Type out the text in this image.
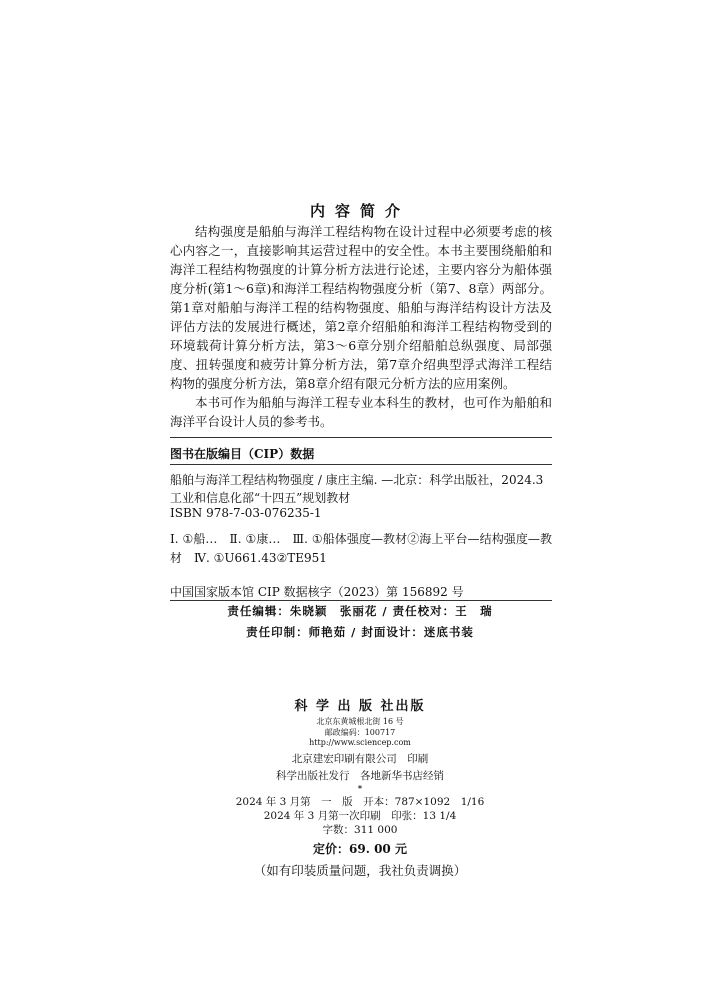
内容简介

结构强度是船舶与海洋工程结构物在设计过程中必须要考虑的核心内容之一，直接影响其运营过程中的安全性。本书主要围绕船舶和海洋工程结构物强度的计算分析方法进行论述，主要内容分为船体强度分析(第1～6章)和海洋工程结构物强度分析（第7、8章）两部分。第1章对船舶与海洋工程的结构物强度、船舶与海洋结构设计方法及评估方法的发展进行概述，第2章介绍船舶和海洋工程结构物受到的环境载荷计算分析方法，第3～6章分别介绍船舶总纵强度、局部强度、扭转强度和疲劳计算分析方法，第7章介绍典型浮式海洋工程结构物的强度分析方法，第8章介绍有限元分析方法的应用案例。

本书可作为船舶与海洋工程专业本科生的教材，也可作为船舶和海洋平台设计人员的参考书。

图书在版编目（CIP）数据
船舶与海洋工程结构物强度 / 康庄主编. —北京：科学出版社，2024.3
工业和信息化部“十四五”规划教材
ISBN 978-7-03-076235-1
Ⅰ. ①船…　Ⅱ. ①康…　Ⅲ. ①船体强度—教材②海上平台—结构强度—教材　Ⅳ. ①U661.43②TE951
中国国家版本馆 CIP 数据核字（2023）第 156892 号
责任编辑：朱晓颖　张丽花 / 责任校对：王　瑞
责任印制：师艳茹 / 封面设计：迷底书装
科 学 出 版 社出版
北京东黄城根北街 16 号
邮政编码：100717
http://www.sciencep.com
北京建宏印刷有限公司　印刷
科学出版社发行　各地新华书店经销
*
2024 年 3 月第　一　版　开本：787×1092　1/16
2024 年 3 月第一次印刷　印张：13 1/4
字数：311 000
定价：69. 00 元
（如有印装质量问题，我社负责调换）
